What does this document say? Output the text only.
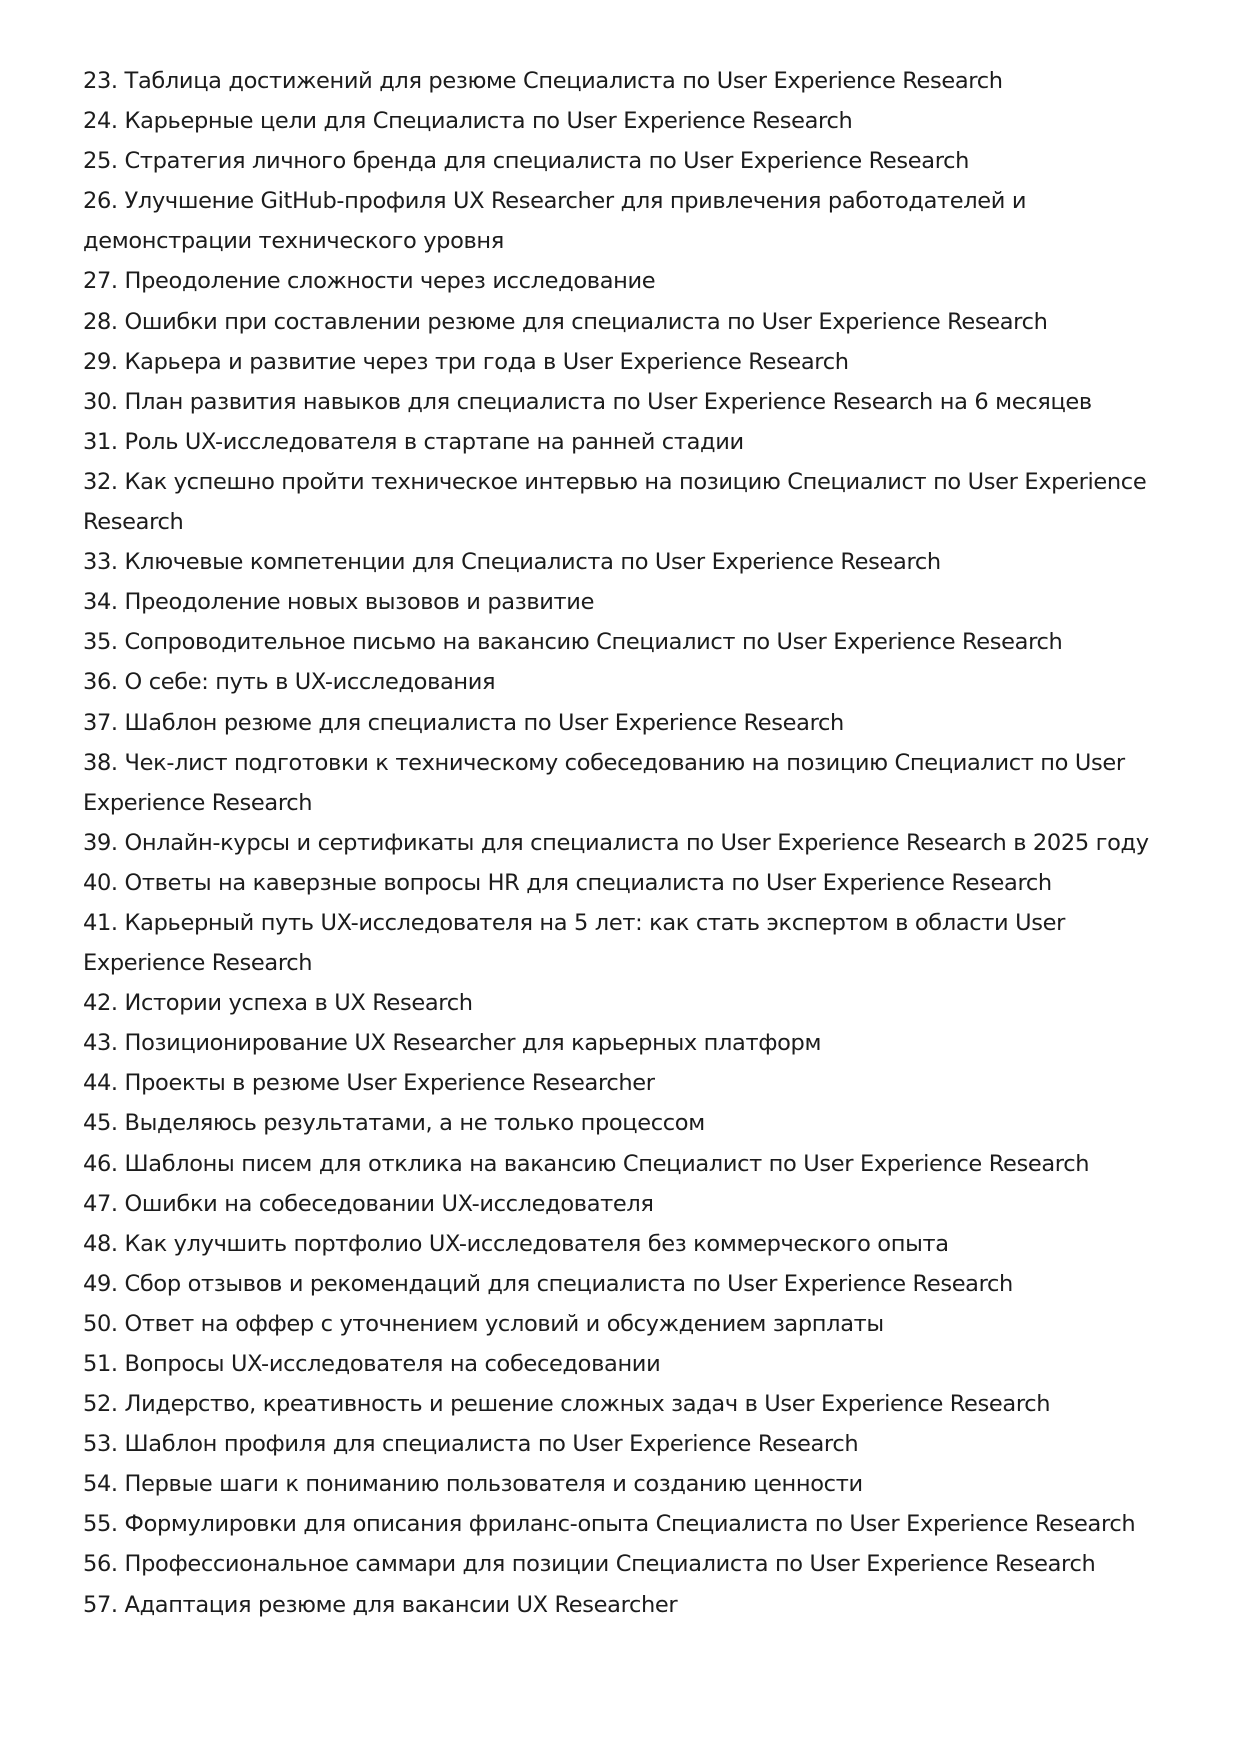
23. Таблица достижений для резюме Специалиста по User Experience Research
24. Карьерные цели для Специалиста по User Experience Research
25. Стратегия личного бренда для специалиста по User Experience Research
26. Улучшение GitHub-профиля UX Researcher для привлечения работодателей и демонстрации технического уровня
27. Преодоление сложности через исследование
28. Ошибки при составлении резюме для специалиста по User Experience Research
29. Карьера и развитие через три года в User Experience Research
30. План развития навыков для специалиста по User Experience Research на 6 месяцев
31. Роль UX-исследователя в стартапе на ранней стадии
32. Как успешно пройти техническое интервью на позицию Специалист по User Experience Research
33. Ключевые компетенции для Специалиста по User Experience Research
34. Преодоление новых вызовов и развитие
35. Сопроводительное письмо на вакансию Специалист по User Experience Research
36. О себе: путь в UX-исследования
37. Шаблон резюме для специалиста по User Experience Research
38. Чек-лист подготовки к техническому собеседованию на позицию Специалист по User Experience Research
39. Онлайн-курсы и сертификаты для специалиста по User Experience Research в 2025 году
40. Ответы на каверзные вопросы HR для специалиста по User Experience Research
41. Карьерный путь UX-исследователя на 5 лет: как стать экспертом в области User Experience Research
42. Истории успеха в UX Research
43. Позиционирование UX Researcher для карьерных платформ
44. Проекты в резюме User Experience Researcher
45. Выделяюсь результатами, а не только процессом
46. Шаблоны писем для отклика на вакансию Специалист по User Experience Research
47. Ошибки на собеседовании UX-исследователя
48. Как улучшить портфолио UX-исследователя без коммерческого опыта
49. Сбор отзывов и рекомендаций для специалиста по User Experience Research
50. Ответ на оффер с уточнением условий и обсуждением зарплаты
51. Вопросы UX-исследователя на собеседовании
52. Лидерство, креативность и решение сложных задач в User Experience Research
53. Шаблон профиля для специалиста по User Experience Research
54. Первые шаги к пониманию пользователя и созданию ценности
55. Формулировки для описания фриланс-опыта Специалиста по User Experience Research
56. Профессиональное саммари для позиции Специалиста по User Experience Research
57. Адаптация резюме для вакансии UX Researcher
